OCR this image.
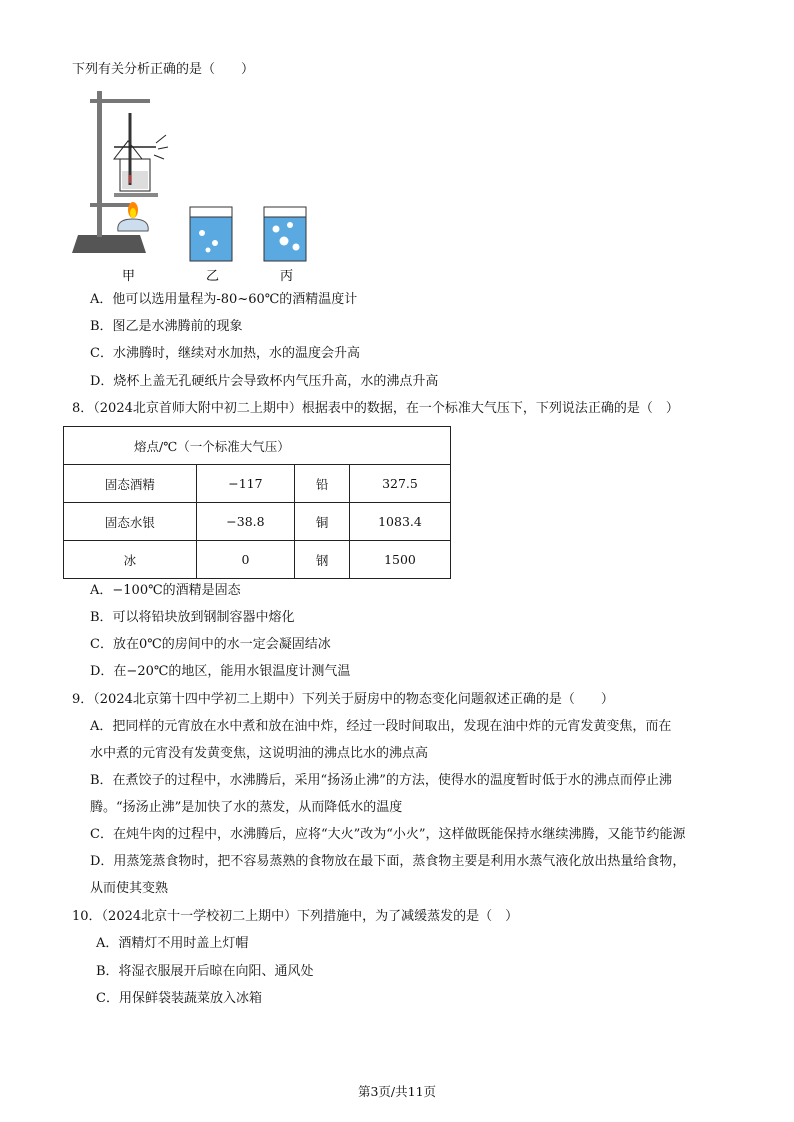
下列有关分析正确的是（　　）
甲	乙	丙
A．他可以选用量程为-80~60℃的酒精温度计
B．图乙是水沸腾前的现象
C．水沸腾时，继续对水加热，水的温度会升高
D．烧杯上盖无孔硬纸片会导致杯内气压升高，水的沸点升高
8．（2024北京首师大附中初二上期中）根据表中的数据，在一个标准大气压下，下列说法正确的是（　）
熔点/℃（一个标准大气压）			
固态酒精	−117	铅	327.5
固态水银	−38.8	铜	1083.4
冰	0	钢	1500
A．−100℃的酒精是固态
B．可以将铅块放到钢制容器中熔化
C．放在0℃的房间中的水一定会凝固结冰
D．在−20℃的地区，能用水银温度计测气温
9．（2024北京第十四中学初二上期中）下列关于厨房中的物态变化问题叙述正确的是（　　）
A．把同样的元宵放在水中煮和放在油中炸，经过一段时间取出，发现在油中炸的元宵发黄变焦，而在
水中煮的元宵没有发黄变焦，这说明油的沸点比水的沸点高
B．在煮饺子的过程中，水沸腾后，采用“扬汤止沸”的方法，使得水的温度暂时低于水的沸点而停止沸
腾。“扬汤止沸”是加快了水的蒸发，从而降低水的温度
C．在炖牛肉的过程中，水沸腾后，应将“大火”改为“小火”，这样做既能保持水继续沸腾，又能节约能源
D．用蒸笼蒸食物时，把不容易蒸熟的食物放在最下面，蒸食物主要是利用水蒸气液化放出热量给食物，
从而使其变熟
10．（2024北京十一学校初二上期中）下列措施中，为了减缓蒸发的是（　）
A．酒精灯不用时盖上灯帽
B．将湿衣服展开后晾在向阳、通风处
C．用保鲜袋装蔬菜放入冰箱
第3页/共11页
